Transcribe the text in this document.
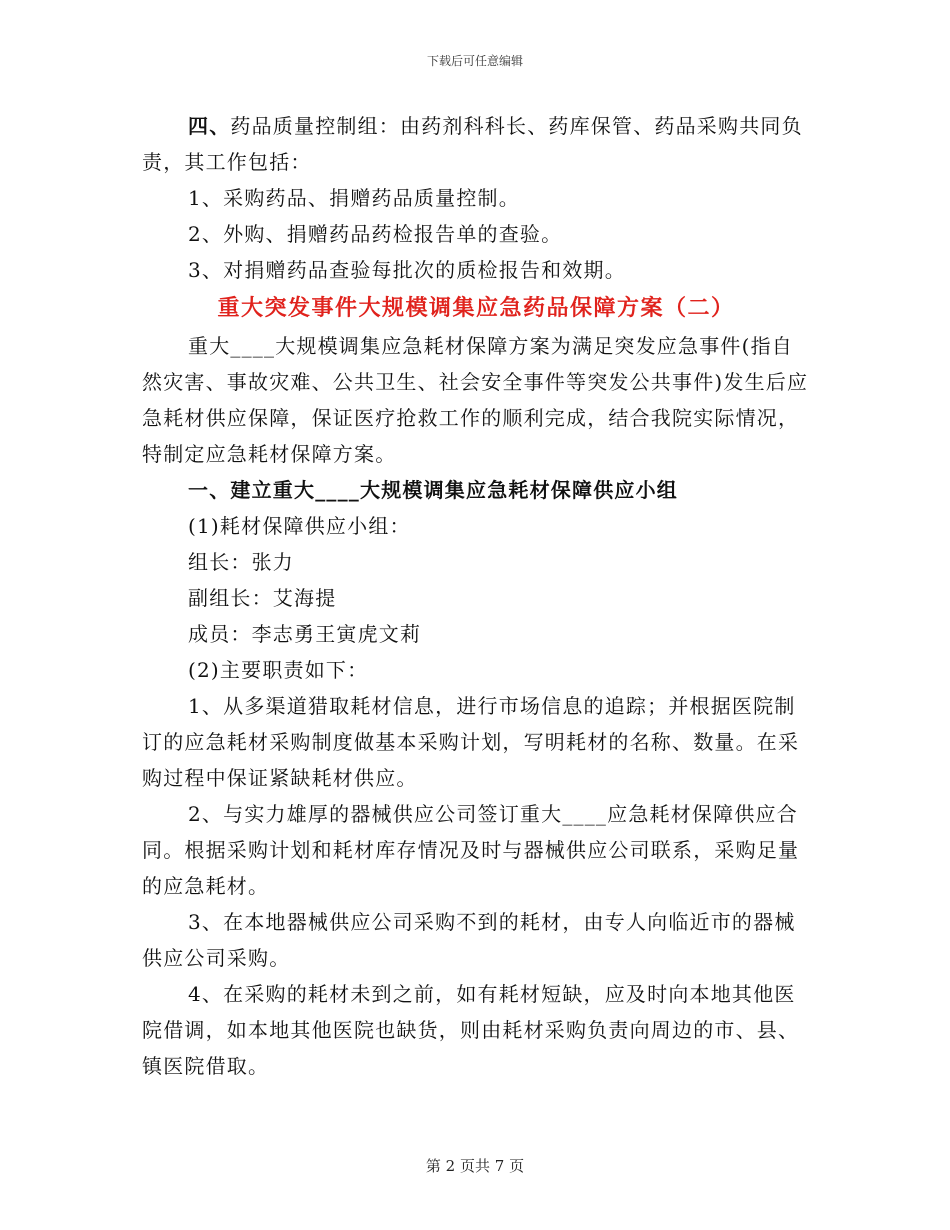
下载后可任意编辑

四、药品质量控制组：由药剂科科长、药库保管、药品采购共同负责，其工作包括：

1、采购药品、捐赠药品质量控制。

2、外购、捐赠药品药检报告单的查验。

3、对捐赠药品查验每批次的质检报告和效期。

重大突发事件大规模调集应急药品保障方案（二）

重大____大规模调集应急耗材保障方案为满足突发应急事件(指自然灾害、事故灾难、公共卫生、社会安全事件等突发公共事件)发生后应急耗材供应保障，保证医疗抢救工作的顺利完成，结合我院实际情况，特制定应急耗材保障方案。

一、建立重大____大规模调集应急耗材保障供应小组

(1)耗材保障供应小组：

组长：张力

副组长：艾海提

成员：李志勇王寅虎文莉

(2)主要职责如下：

1、从多渠道猎取耗材信息，进行市场信息的追踪；并根据医院制订的应急耗材采购制度做基本采购计划，写明耗材的名称、数量。在采购过程中保证紧缺耗材供应。

2、与实力雄厚的器械供应公司签订重大____应急耗材保障供应合同。根据采购计划和耗材库存情况及时与器械供应公司联系，采购足量的应急耗材。

3、在本地器械供应公司采购不到的耗材，由专人向临近市的器械供应公司采购。

4、在采购的耗材未到之前，如有耗材短缺，应及时向本地其他医院借调，如本地其他医院也缺货，则由耗材采购负责向周边的市、县、镇医院借取。

第 2 页共 7 页
